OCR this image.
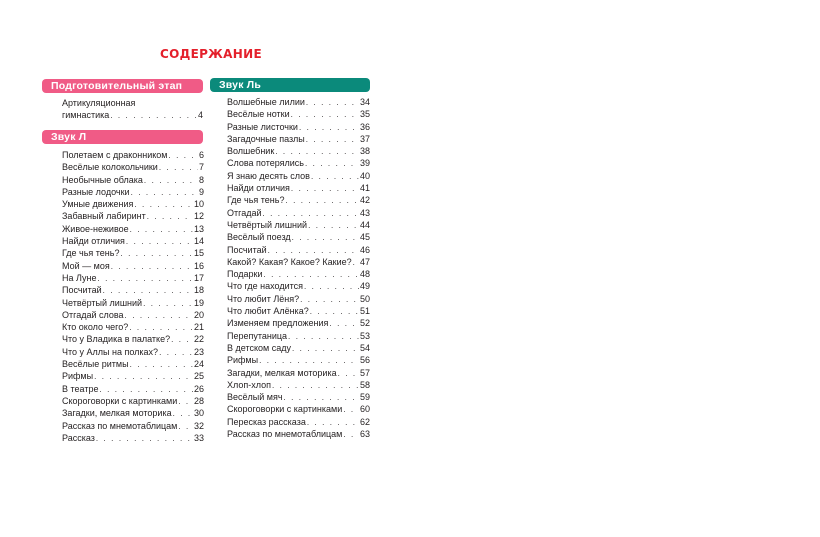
СОДЕРЖАНИЕ
Подготовительный этап
Артикуляционная
гимнастика . . .	4
Звук Л
Полетаем с драконником . . .	6
Весёлые колокольчики . . .	7
Необычные облака . . .	8
Разные лодочки . . .	9
Умные движения . . .	10
Забавный лабиринт . . .	12
Живое-неживое . . .	13
Найди отличия . . .	14
Где чья тень? . . .	15
Мой — моя . . .	16
На Луне . . .	17
Посчитай . . .	18
Четвёртый лишний . . .	19
Отгадай слова . . .	20
Кто около чего? . . .	21
Что у Владика в палатке? . . .	22
Что у Аллы на полках? . . .	23
Весёлые ритмы . . .	24
Рифмы . . .	25
В театре . . .	26
Скороговорки с картинками . . . 28
Загадки, мелкая моторика . . . 30
Рассказ по мнемотаблицам . . . 32
Рассказ . . .	33
Звук Ль
Волшебные лилии . . .	34
Весёлые нотки . . .	35
Разные листочки . . .	36
Загадочные пазлы . . .	37
Волшебник . . .	38
Слова потерялись . . .	39
Я знаю десять слов . . .	40
Найди отличия . . .	41
Где чья тень? . . .	42
Отгадай . . .	43
Четвёртый лишний . . .	44
Весёлый поезд . . .	45
Посчитай . . .	46
Какой? Какая? Какое? Какие? . . . 47
Подарки . . .	48
Что где находится . . .	49
Что любит Лёня? . . .	50
Что любит Алёнка? . . .	51
Изменяем предложения . . .	52
Перепутаница . . .	53
В детском саду . . .	54
Рифмы . . .	56
Загадки, мелкая моторика . . .	57
Хлоп-хлоп . . .	58
Весёлый мяч . . .	59
Скороговорки с картинками . . . 60
Пересказ рассказа . . .	62
Рассказ по мнемотаблицам . . . 63
